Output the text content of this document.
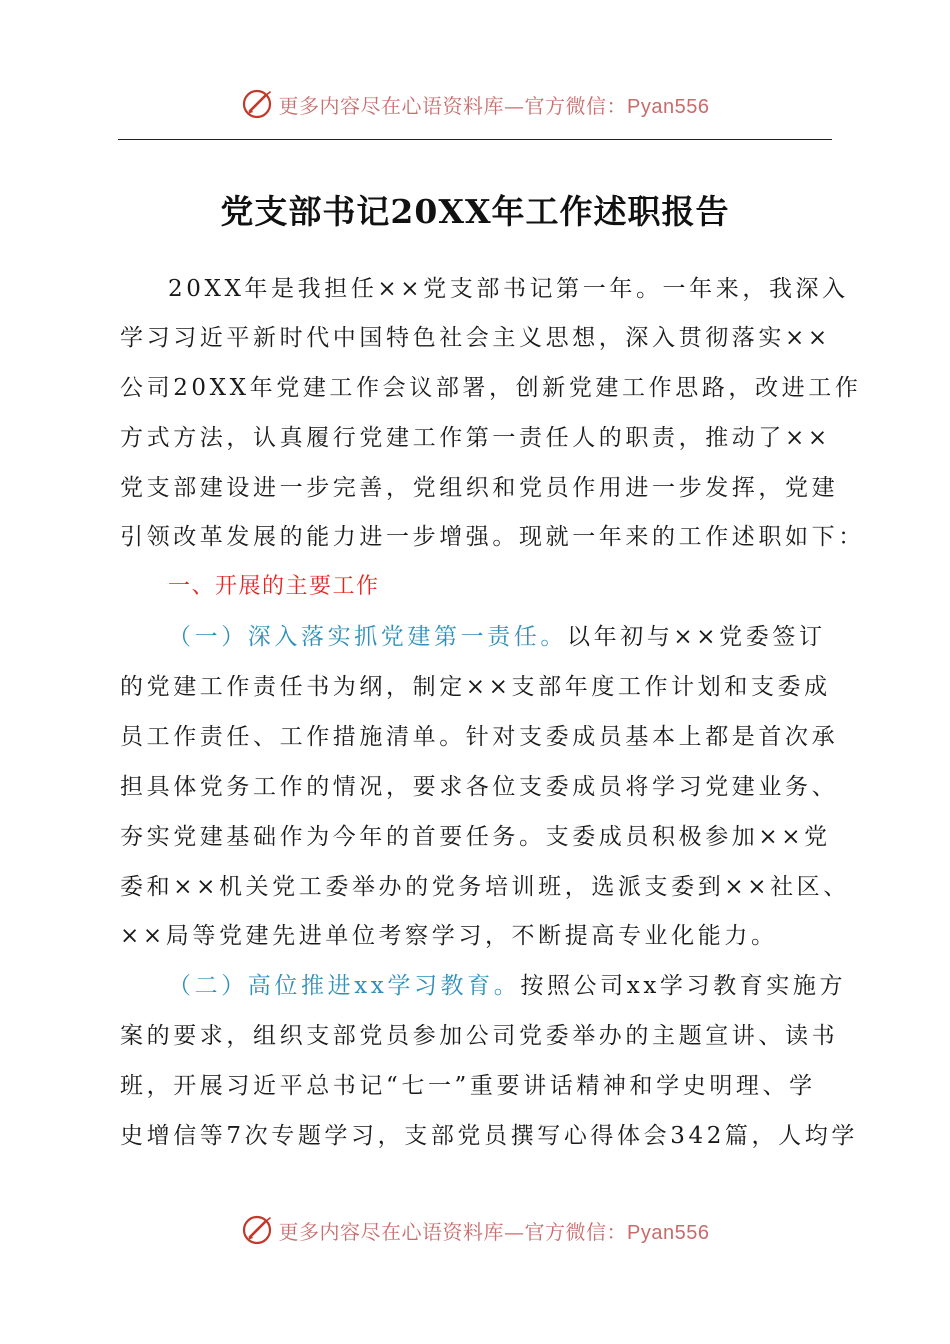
更多内容尽在心语资料库—官方微信：Pyan556
党支部书记20XX年工作述职报告
20XX年是我担任××党支部书记第一年。一年来，我深入
学习习近平新时代中国特色社会主义思想，深入贯彻落实××
公司20XX年党建工作会议部署，创新党建工作思路，改进工作
方式方法，认真履行党建工作第一责任人的职责，推动了××
党支部建设进一步完善，党组织和党员作用进一步发挥，党建
引领改革发展的能力进一步增强。现就一年来的工作述职如下：
一、开展的主要工作
（一）深入落实抓党建第一责任。以年初与××党委签订
的党建工作责任书为纲，制定××支部年度工作计划和支委成
员工作责任、工作措施清单。针对支委成员基本上都是首次承
担具体党务工作的情况，要求各位支委成员将学习党建业务、
夯实党建基础作为今年的首要任务。支委成员积极参加××党
委和××机关党工委举办的党务培训班，选派支委到××社区、
××局等党建先进单位考察学习，不断提高专业化能力。
（二）高位推进xx学习教育。按照公司xx学习教育实施方
案的要求，组织支部党员参加公司党委举办的主题宣讲、读书
班，开展习近平总书记“七一”重要讲话精神和学史明理、学
史增信等7次专题学习，支部党员撰写心得体会342篇，人均学
更多内容尽在心语资料库—官方微信：Pyan556
